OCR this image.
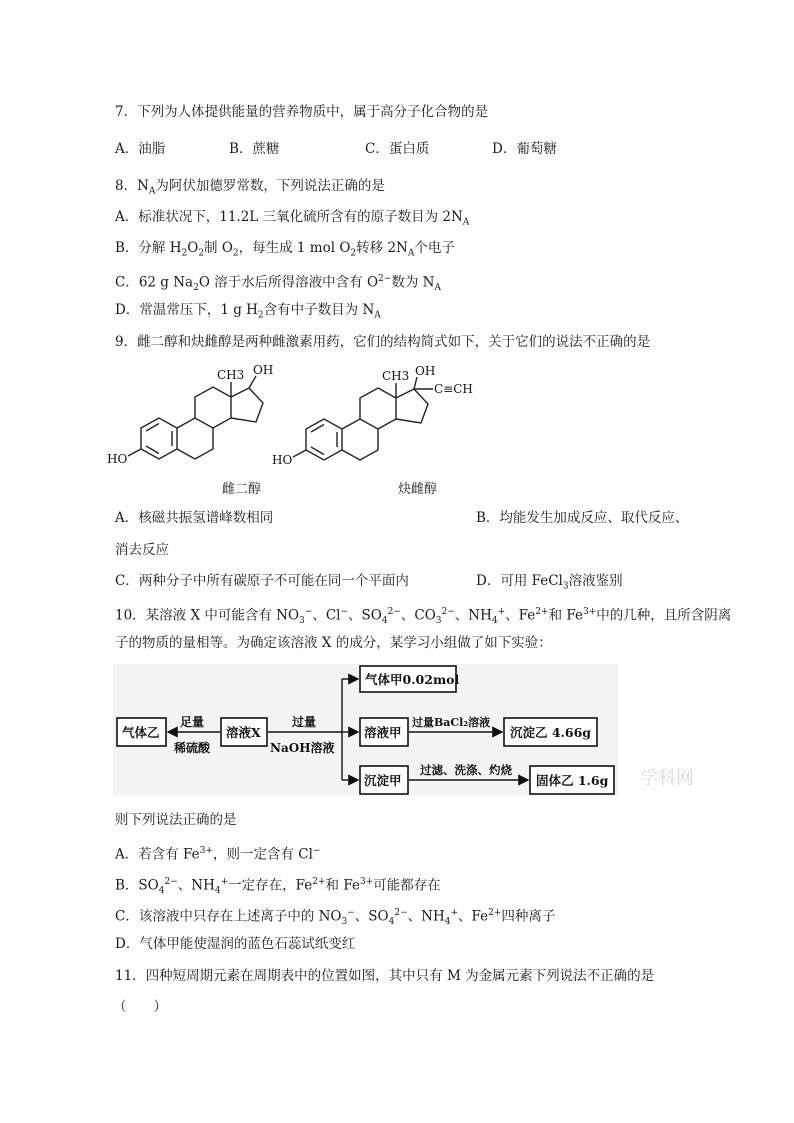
7．下列为人体提供能量的营养物质中，属于高分子化合物的是
A．油脂	B．蔗糖	C．蛋白质	D．葡萄糖
8．$N_A$为阿伏加德罗常数，下列说法正确的是
A．标准状况下，11.2L 三氧化硫所含有的原子数目为 $2N_A$
B．分解 $H_2O_2$制 $O_2$，每生成 1 mol $O_2$转移 $2N_A$个电子
C．62 g $Na_2O$ 溶于水后所得溶液中含有 $O^{2-}$数为 $N_A$
D．常温常压下，1 g $H_2$含有中子数目为 $N_A$
9．雌二醇和炔雌醇是两种雌激素用药，它们的结构简式如下，关于它们的说法不正确的是
OH
CH3
HO
OH
CH3
HO
C≡CH
雌二醇	炔雌醇
A．核磁共振氢谱峰数相同	B．均能发生加成反应、取代反应、
消去反应
C．两种分子中所有碳原子不可能在同一个平面内	D．可用 FeCl$_3$溶液鉴别
10．某溶液 X 中可能含有 $NO_3^-$、Cl−、$SO_4^{2-}$、$CO_3^{2-}$、$NH_4^+$、$Fe^{2+}$和 $Fe^{3+}$中的几种，且所含阴离
子的物质的量相等。为确定该溶液 X 的成分，某学习小组做了如下实验：
气体乙	溶液X
气体甲0.02mol
溶液甲	沉淀乙 4.66g
沉淀甲	固体乙 1.6g
足量
稀硫酸
过量
NaOH溶液
过量BaCl₂溶液
过滤、洗涤、灼烧	学科网
则下列说法正确的是
A．若含有 $Fe^{3+}$，则一定含有 Cl−
B．$SO_4^{2-}$、$NH_4^+$一定存在，$Fe^{2+}$和 $Fe^{3+}$可能都存在
C．该溶液中只存在上述离子中的 $NO_3^-$、$SO_4^{2-}$、$NH_4^+$、$Fe^{2+}$四种离子
D．气体甲能使湿润的蓝色石蕊试纸变红
11．四种短周期元素在周期表中的位置如图，其中只有 M 为金属元素下列说法不正确的是
（　　）
